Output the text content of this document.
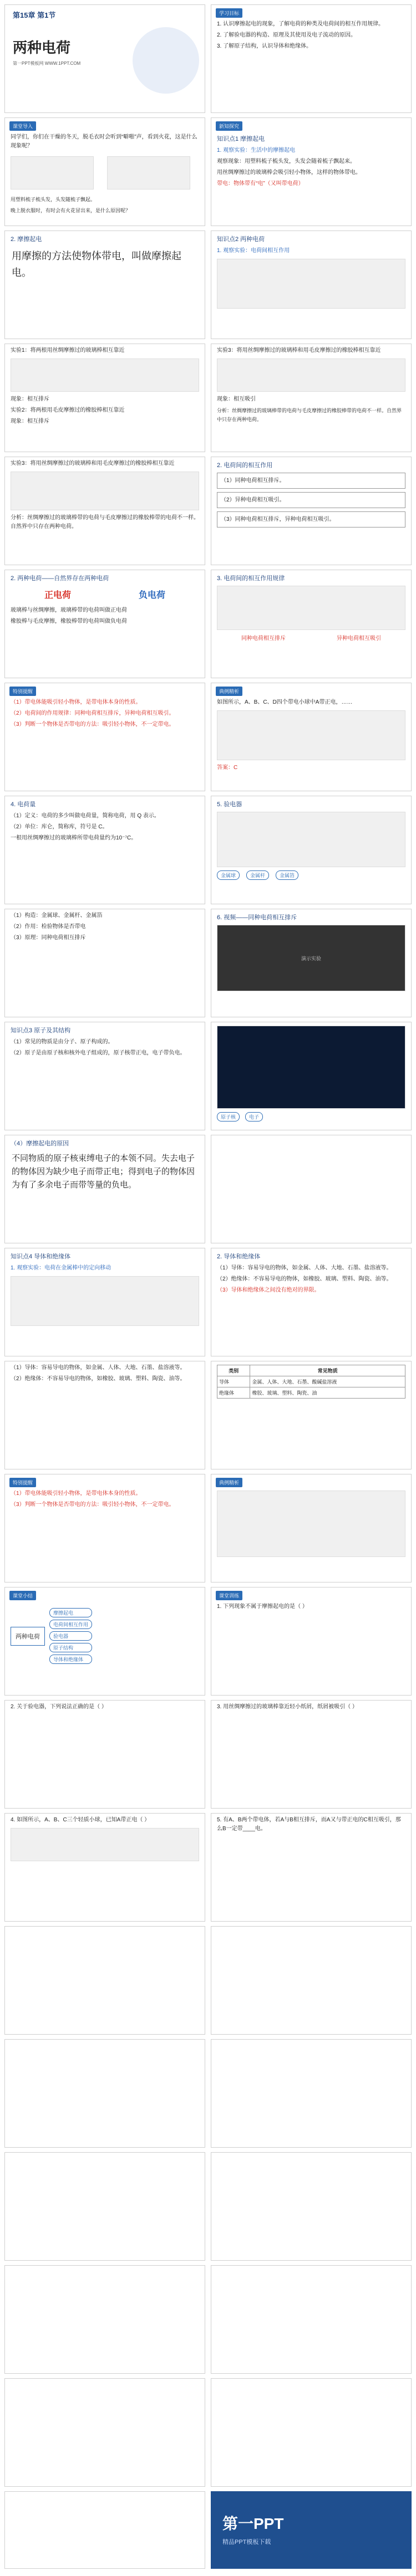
第15章 第1节
两种电荷
第一PPT模板网 WWW.1PPT.COM
学习目标
1. 认识摩擦起电的现象，了解电荷的种类及电荷间的相互作用规律。
2. 了解验电器的构造、原理及其使用及电子流动的原因。
3. 了解原子结构，认识导体和绝缘体。
课堂导入
同学们，你们在干燥的冬天，脱毛衣时会听到“噼啪”声，看到火花，这是什么现象呢？
用塑料梳子梳头发，头发随梳子飘起。
晚上脱衣服时，有时会有火花冒出来，是什么原因呢？
新知探究
知识点1 摩擦起电
1. 观察实验：生活中的摩擦起电
观察现象：用塑料梳子梳头发，头发会随着梳子飘起来。
用丝绸摩擦过的玻璃棒会吸引轻小物体，这样的物体带电。
带电：物体带有“电”（又叫带电荷）
2. 摩擦起电
用摩擦的方法使物体带电，叫做摩擦起电。
知识点2 两种电荷
1. 观察实验：电荷间相互作用
实验1：将两根用丝绸摩擦过的玻璃棒相互靠近
现象：相互排斥
实验2：将两根用毛皮摩擦过的橡胶棒相互靠近
现象：相互排斥
实验3：将用丝绸摩擦过的玻璃棒和用毛皮摩擦过的橡胶棒相互靠近
现象：相互吸引
分析：丝绸摩擦过的玻璃棒带的电荷与毛皮摩擦过的橡胶棒带的电荷不一样。自然界中只存在两种电荷。
实验3：将用丝绸摩擦过的玻璃棒和用毛皮摩擦过的橡胶棒相互靠近
分析：丝绸摩擦过的玻璃棒带的电荷与毛皮摩擦过的橡胶棒带的电荷不一样。自然界中只存在两种电荷。
2. 电荷间的相互作用
（1）同种电荷相互排斥。
（2）异种电荷相互吸引。
（3）同种电荷相互排斥，异种电荷相互吸引。
2. 两种电荷——自然界存在两种电荷
正电荷	负电荷
玻璃棒与丝绸摩擦，玻璃棒带的电荷叫做正电荷
橡胶棒与毛皮摩擦，橡胶棒带的电荷叫做负电荷
3. 电荷间的相互作用规律
同种电荷相互排斥	异种电荷相互吸引
特别提醒
（1）带电体能吸引轻小物体，是带电体本身的性质。
（2）电荷间的作用规律：同种电荷相互排斥，异种电荷相互吸引。
（3）判断一个物体是否带电的方法：吸引轻小物体，不一定带电。
典例精析
如图所示，A、B、C、D四个带电小球中A带正电，……
答案：C
4. 电荷量
（1）定义：电荷的多少叫做电荷量，简称电荷，用 Q 表示。
（2）单位：库仑，简称库，符号是 C。
一根用丝绸摩擦过的玻璃棒所带电荷量约为10⁻⁷C。
5. 验电器
金属球	金属杆	金属箔
（1）构造：金属球、金属杆、金属箔
（2）作用：检验物体是否带电
（3）原理：同种电荷相互排斥
6. 视频——同种电荷相互排斥
演示实验
知识点3 原子及其结构
（1）常见的物质是由分子、原子构成的。
（2）原子是由原子核和核外电子组成的，原子核带正电，电子带负电。
原子核	电子
（4）摩擦起电的原因
不同物质的原子核束缚电子的本领不同。失去电子的物体因为缺少电子而带正电；得到电子的物体因为有了多余电子而带等量的负电。
知识点4 导体和绝缘体
1. 观察实验：电荷在金属棒中的定向移动
2. 导体和绝缘体
（1）导体：容易导电的物体，如金属、人体、大地、石墨、盐溶液等。
（2）绝缘体：不容易导电的物体，如橡胶、玻璃、塑料、陶瓷、油等。
（3）导体和绝缘体之间没有绝对的界限。
（1）导体：容易导电的物体，如金属、人体、大地、石墨、盐溶液等。
（2）绝缘体：不容易导电的物体，如橡胶、玻璃、塑料、陶瓷、油等。
类别	常见物质
导体	金属、人体、大地、石墨、酸碱盐溶液
绝缘体	橡胶、玻璃、塑料、陶瓷、油
特别提醒
（1）带电体能吸引轻小物体，是带电体本身的性质。
（3）判断一个物体是否带电的方法：吸引轻小物体，不一定带电。
典例精析
课堂小结
两种电荷
摩擦起电
电荷间相互作用
验电器
原子结构
导体和绝缘体
课堂训练
1. 下列现象不属于摩擦起电的是（ ）
2. 关于验电器，下列说法正确的是（ ）	3. 用丝绸摩擦过的玻璃棒靠近轻小纸屑，纸屑被吸引（ ）
4. 如图所示，A、B、C三个轻质小球，已知A带正电（ ）	5. 有A、B两个带电体，若A与B相互排斥，而A又与带正电的C相互吸引，那么B一定带____电。
第一PPT
精品PPT模板下载
